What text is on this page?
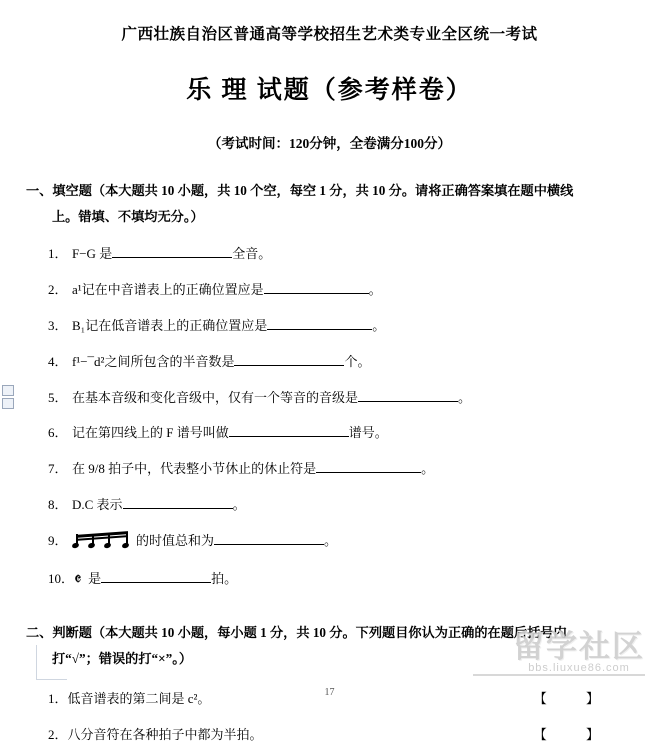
广西壮族自治区普通高等学校招生艺术类专业全区统一考试
乐 理 试题（参考样卷）
（考试时间：120分钟，全卷满分100分）
一、填空题（本大题共 10 小题，共 10 个空，每空 1 分，共 10 分。请将正确答案填在题中横线
上。错填、不填均无分。）
1． F−G 是	全音。
2． a¹记在中音谱表上的正确位置应是	。
3． B₁记在低音谱表上的正确位置应是	。
4． f¹−¯d²之间所包含的半音数是	个。
5． 在基本音级和变化音级中，仅有一个等音的音级是	。
6． 记在第四线上的 F 谱号叫做	谱号。
7． 在 9/8 拍子中，代表整小节休止的休止符是	。
8． D.C 表示	。
9．	的时值总和为	。
10．𝄵 是	拍。
二、判断题（本大题共 10 小题，每小题 1 分，共 10 分。下列题目你认为正确的在题后括号内
打“√”；错误的打“×”。）
1．低音谱表的第二间是 c²。	【 】
2．八分音符在各种拍子中都为半拍。	【 】
留学社区
bbs.liuxue86.com
17
